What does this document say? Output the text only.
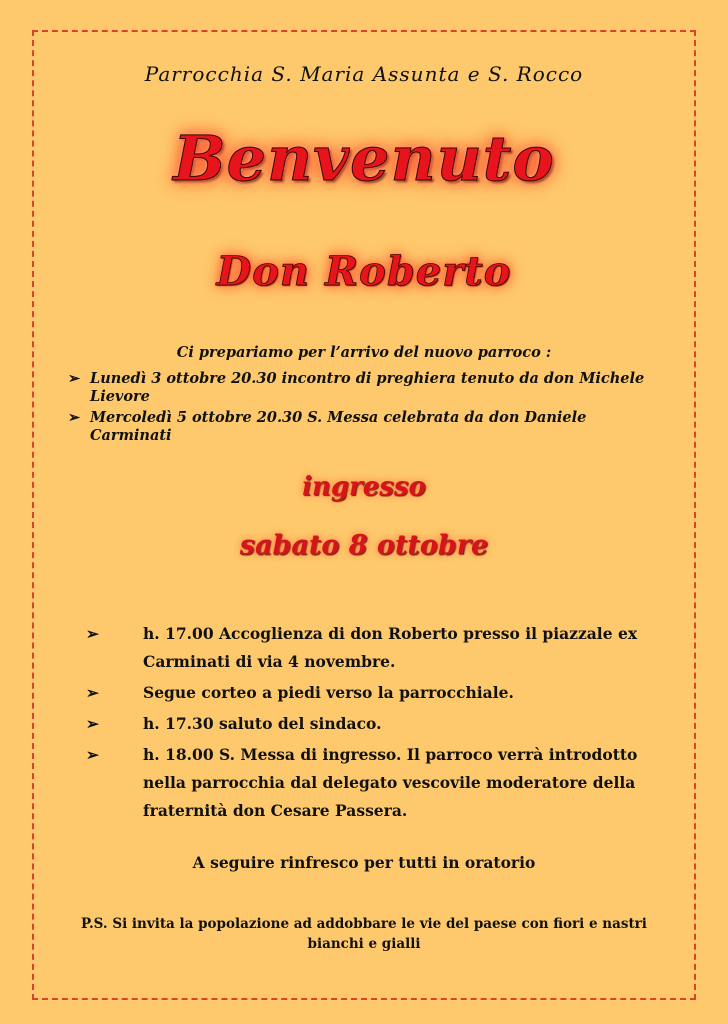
Parrocchia S. Maria Assunta e S. Rocco
Benvenuto
Don Roberto
Ci prepariamo per l’arrivo del nuovo parroco :
➢ Lunedì 3 ottobre 20.30 incontro di preghiera tenuto da don Michele Lievore
➢ Mercoledì 5 ottobre 20.30 S. Messa celebrata da don Daniele Carminati
ingresso
sabato 8 ottobre
➢	h. 17.00 Accoglienza di don Roberto presso il piazzale ex Carminati di via 4 novembre.
➢	Segue corteo a piedi verso la parrocchiale.
➢	h. 17.30 saluto del sindaco.
➢	h. 18.00 S. Messa di ingresso. Il parroco verrà introdotto nella parrocchia dal delegato vescovile moderatore della fraternità don Cesare Passera.
A seguire rinfresco per tutti in oratorio
P.S. Si invita la popolazione ad addobbare le vie del paese con fiori e nastri bianchi e gialli
